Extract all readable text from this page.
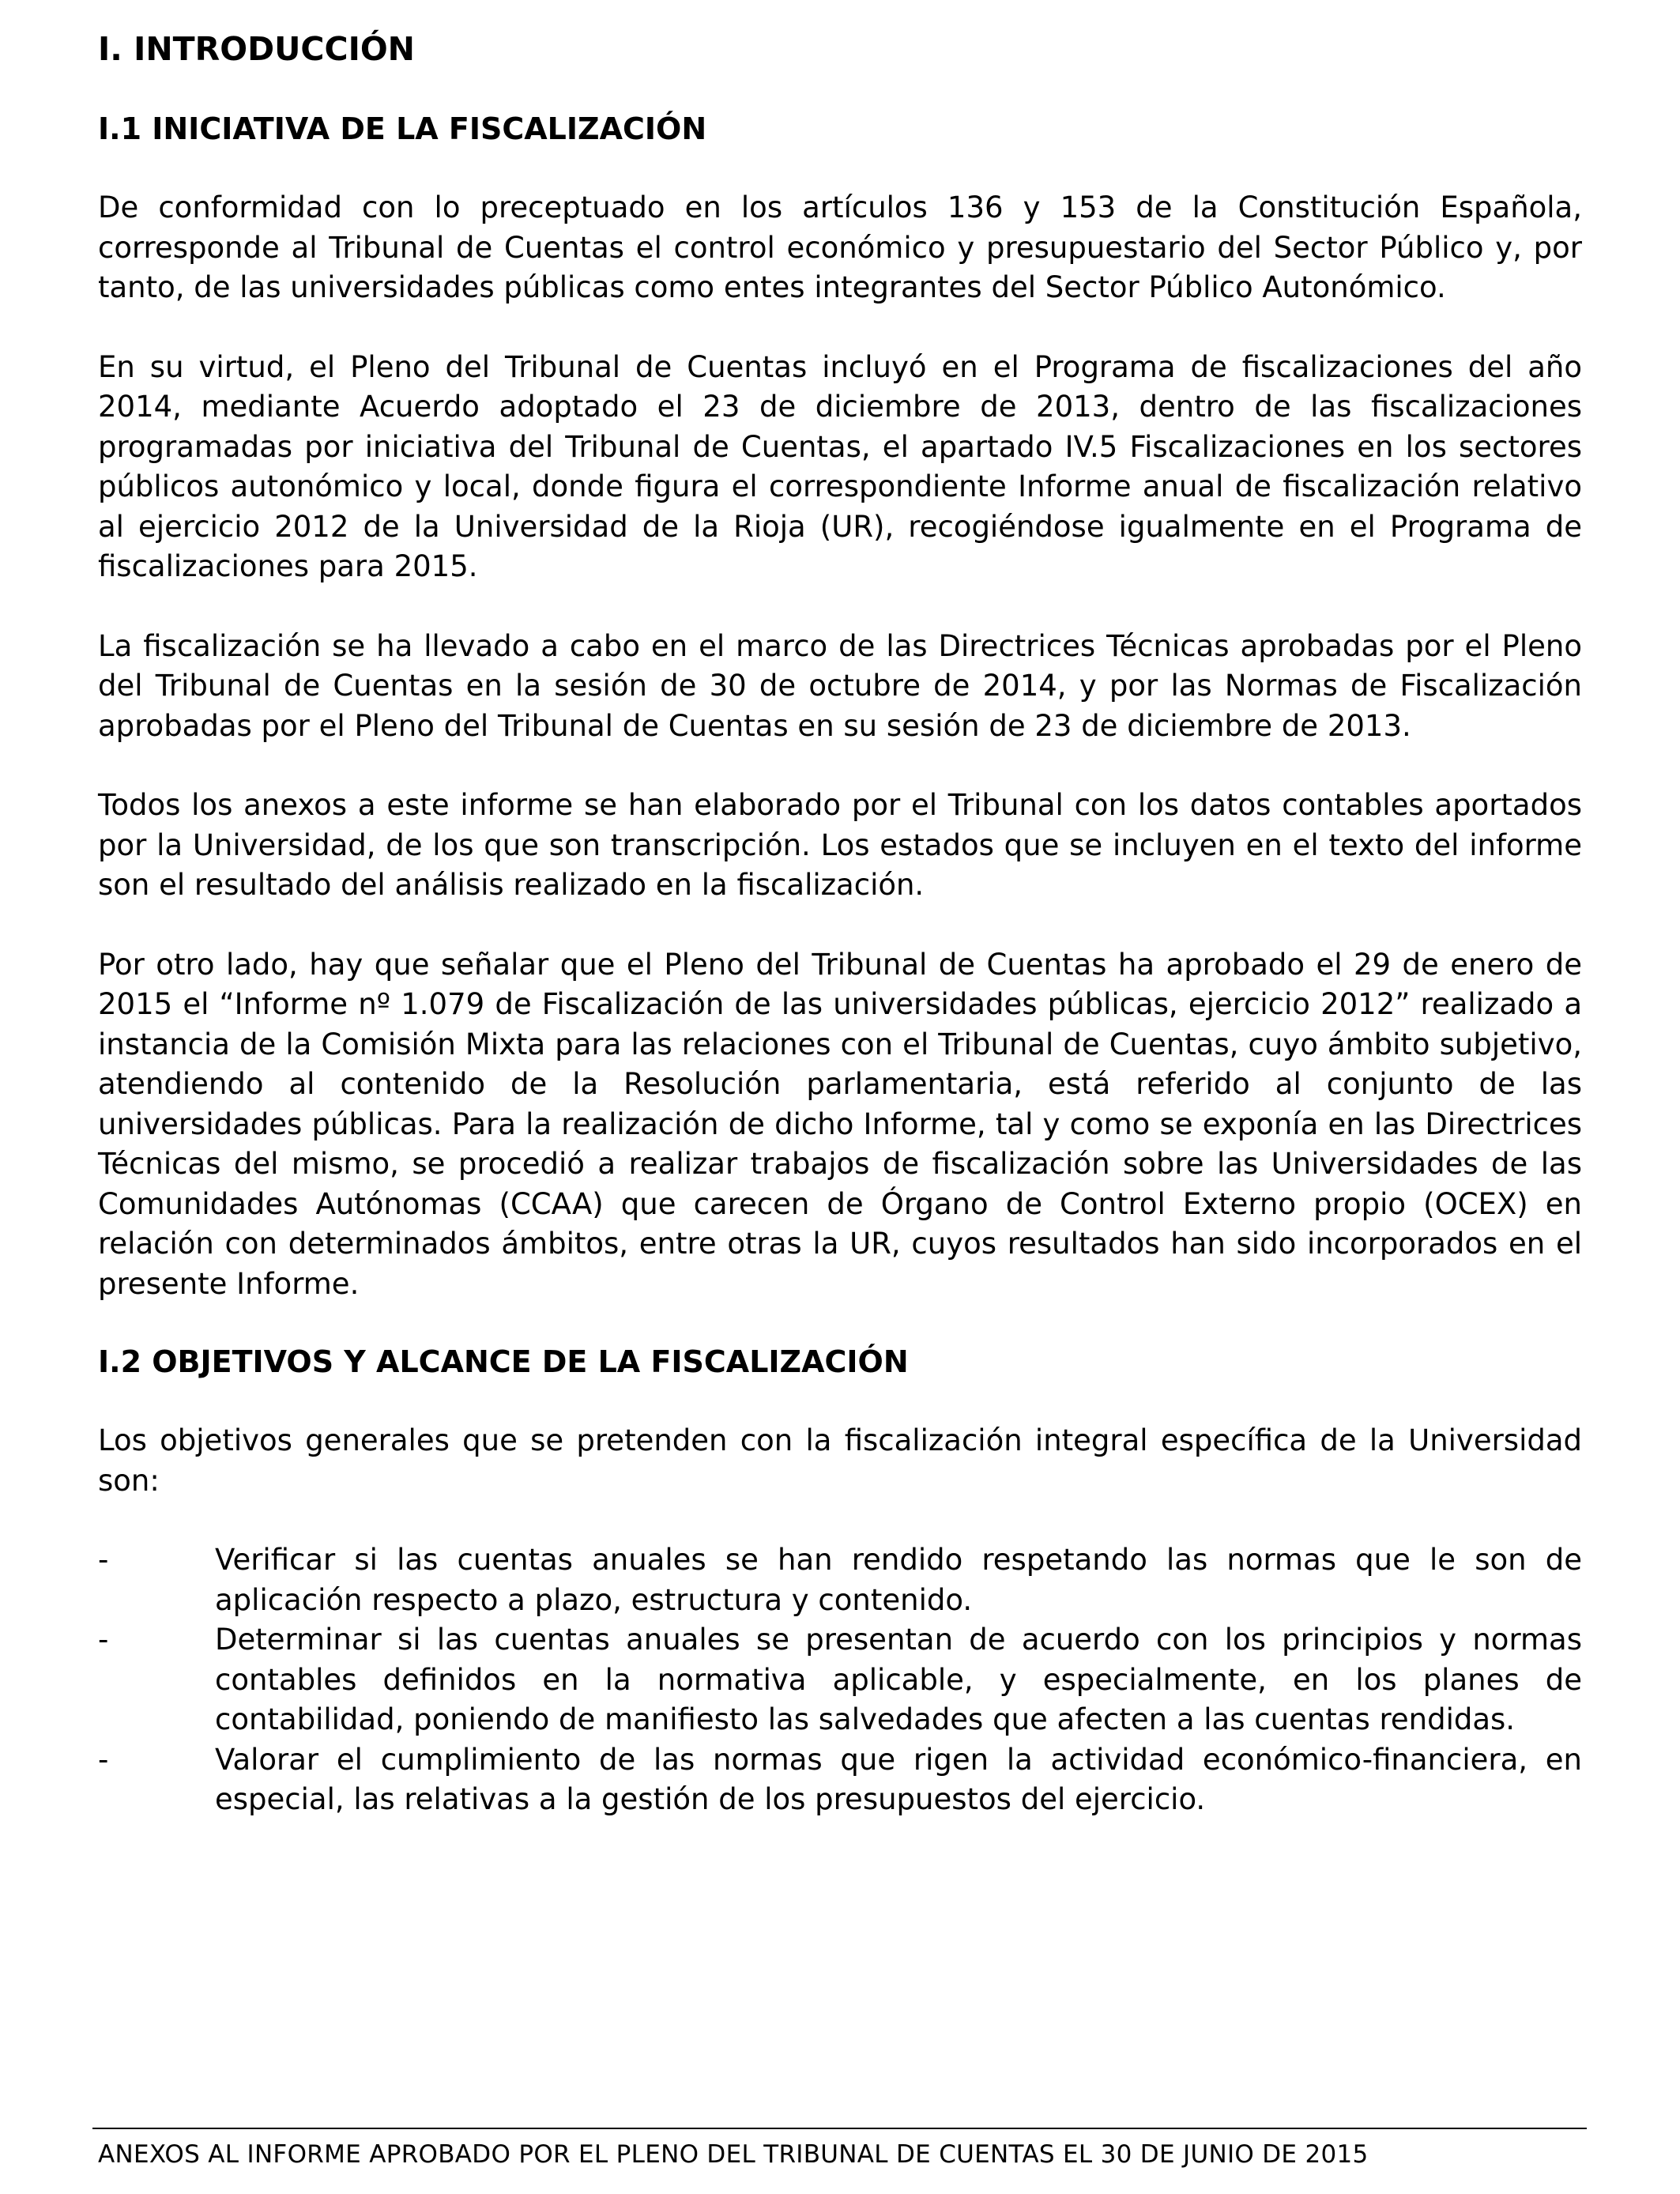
I. INTRODUCCIÓN
I.1 INICIATIVA DE LA FISCALIZACIÓN

De conformidad con lo preceptuado en los artículos 136 y 153 de la Constitución Española, corresponde al Tribunal de Cuentas el control económico y presupuestario del Sector Público y, por tanto, de las universidades públicas como entes integrantes del Sector Público Autonómico.

En su virtud, el Pleno del Tribunal de Cuentas incluyó en el Programa de fiscalizaciones del año 2014, mediante Acuerdo adoptado el 23 de diciembre de 2013, dentro de las fiscalizaciones programadas por iniciativa del Tribunal de Cuentas, el apartado IV.5 Fiscalizaciones en los sectores públicos autonómico y local, donde figura el correspondiente Informe anual de fiscalización relativo al ejercicio 2012 de la Universidad de la Rioja (UR), recogiéndose igualmente en el Programa de fiscalizaciones para 2015.

La fiscalización se ha llevado a cabo en el marco de las Directrices Técnicas aprobadas por el Pleno del Tribunal de Cuentas en la sesión de 30 de octubre de 2014, y por las Normas de Fiscalización aprobadas por el Pleno del Tribunal de Cuentas en su sesión de 23 de diciembre de 2013.

Todos los anexos a este informe se han elaborado por el Tribunal con los datos contables aportados por la Universidad, de los que son transcripción. Los estados que se incluyen en el texto del informe son el resultado del análisis realizado en la fiscalización.

Por otro lado, hay que señalar que el Pleno del Tribunal de Cuentas ha aprobado el 29 de enero de 2015 el “Informe nº 1.079 de Fiscalización de las universidades públicas, ejercicio 2012” realizado a instancia de la Comisión Mixta para las relaciones con el Tribunal de Cuentas, cuyo ámbito subjetivo, atendiendo al contenido de la Resolución parlamentaria, está referido al conjunto de las universidades públicas. Para la realización de dicho Informe, tal y como se exponía en las Directrices Técnicas del mismo, se procedió a realizar trabajos de fiscalización sobre las Universidades de las Comunidades Autónomas (CCAA) que carecen de Órgano de Control Externo propio (OCEX) en relación con determinados ámbitos, entre otras la UR, cuyos resultados han sido incorporados en el presente Informe.

I.2 OBJETIVOS Y ALCANCE DE LA FISCALIZACIÓN

Los objetivos generales que se pretenden con la fiscalización integral específica de la Universidad son:

-	Verificar si las cuentas anuales se han rendido respetando las normas que le son de aplicación respecto a plazo, estructura y contenido.
-	Determinar si las cuentas anuales se presentan de acuerdo con los principios y normas contables definidos en la normativa aplicable, y especialmente, en los planes de contabilidad, poniendo de manifiesto las salvedades que afecten a las cuentas rendidas.
-	Valorar el cumplimiento de las normas que rigen la actividad económico-financiera, en especial, las relativas a la gestión de los presupuestos del ejercicio.
ANEXOS AL INFORME APROBADO POR EL PLENO DEL TRIBUNAL DE CUENTAS EL 30 DE JUNIO DE 2015
